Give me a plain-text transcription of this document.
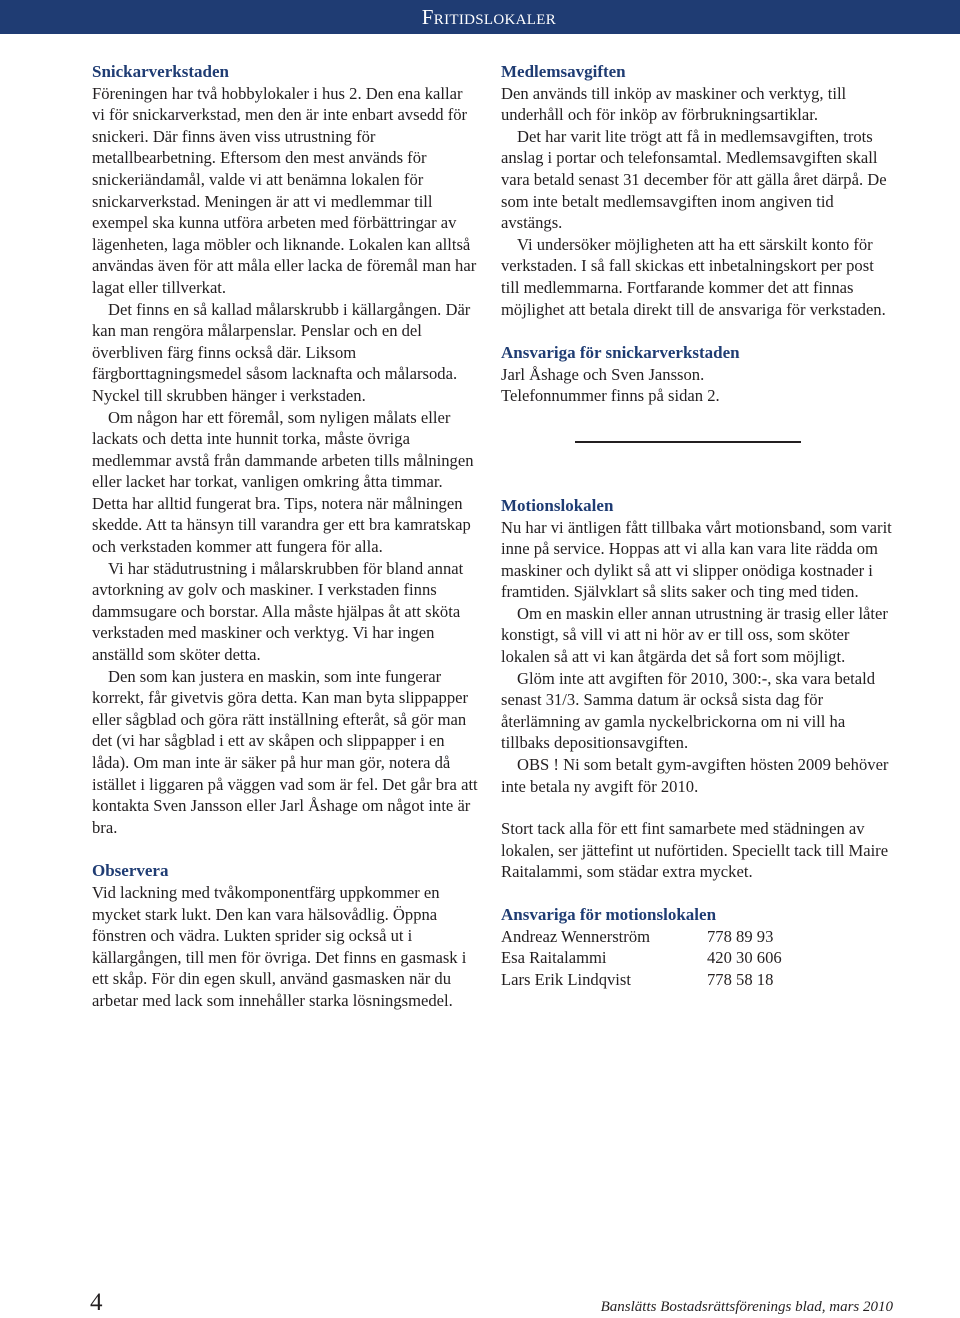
Fritidslokaler
Snickarverkstaden

Föreningen har två hobbylokaler i hus 2. Den ena kallar vi för snickarverkstad, men den är inte enbart avsedd för snickeri. Där finns även viss utrustning för metallbearbetning. Eftersom den mest används för snickeriändamål, valde vi att benämna lokalen för snickarverkstad. Meningen är att vi medlemmar till exempel ska kunna utföra arbeten med förbättringar av lägenheten, laga möbler och liknande. Lokalen kan alltså användas även för att måla eller lacka de föremål man har lagat eller tillverkat.

Det finns en så kallad målarskrubb i källargången. Där kan man rengöra målarpenslar. Penslar och en del överbliven färg finns också där. Liksom färgborttagningsmedel såsom lacknafta och målarsoda. Nyckel till skrubben hänger i verkstaden.

Om någon har ett föremål, som nyligen målats eller lackats och detta inte hunnit torka, måste övriga medlemmar avstå från dammande arbeten tills målningen eller lacket har torkat, vanligen omkring åtta timmar. Detta har alltid fungerat bra. Tips, notera när målningen skedde. Att ta hänsyn till varandra ger ett bra kamratskap och verkstaden kommer att fungera för alla.

Vi har städutrustning i målarskrubben för bland annat avtorkning av golv och maskiner. I verkstaden finns dammsugare och borstar. Alla måste hjälpas åt att sköta verkstaden med maskiner och verktyg. Vi har ingen anställd som sköter detta.

Den som kan justera en maskin, som inte fungerar korrekt, får givetvis göra detta. Kan man byta slippapper eller sågblad och göra rätt inställning efteråt, så gör man det (vi har sågblad i ett av skåpen och slippapper i en låda). Om man inte är säker på hur man gör, notera då istället i liggaren på väggen vad som är fel. Det går bra att kontakta Sven Jansson eller Jarl Åshage om något inte är bra.

Observera

Vid lackning med tvåkomponentfärg uppkommer en mycket stark lukt. Den kan vara hälsovådlig. Öppna fönstren och vädra. Lukten sprider sig också ut i källargången, till men för övriga. Det finns en gasmask i ett skåp. För din egen skull, använd gasmasken när du arbetar med lack som innehåller starka lösningsmedel.

Medlemsavgiften

Den används till inköp av maskiner och verktyg, till underhåll och för inköp av förbrukningsartiklar.

Det har varit lite trögt att få in medlemsavgiften, trots anslag i portar och telefonsamtal. Medlemsavgiften skall vara betald senast 31 december för att gälla året därpå. De som inte betalt medlemsavgiften inom angiven tid avstängs.

Vi undersöker möjligheten att ha ett särskilt konto för verkstaden. I så fall skickas ett inbetalningskort per post till medlemmarna. Fortfarande kommer det att finnas möjlighet att betala direkt till de ansvariga för verkstaden.

Ansvariga för snickarverkstaden

Jarl Åshage och Sven Jansson.

Telefonnummer finns på sidan 2.

Motionslokalen

Nu har vi äntligen fått tillbaka vårt motionsband, som varit inne på service. Hoppas att vi alla kan vara lite rädda om maskiner och dylikt så att vi slipper onödiga kostnader i framtiden. Självklart så slits saker och ting med tiden.

Om en maskin eller annan utrustning är trasig eller låter konstigt, så vill vi att ni hör av er till oss, som sköter lokalen så att vi kan åtgärda det så fort som möjligt.

Glöm inte att avgiften för 2010, 300:-, ska vara betald senast 31/3. Samma datum är också sista dag för återlämning av gamla nyckelbrickorna om ni vill ha tillbaks depositionsavgiften.

OBS ! Ni som betalt gym-avgiften hösten 2009 behöver inte betala ny avgift för 2010.

Stort tack alla för ett fint samarbete med städningen av lokalen, ser jättefint ut nuförtiden. Speciellt tack till Maire Raitalammi, som städar extra mycket.

Ansvariga för motionslokalen
Andreaz Wennerström	778 89 93
Esa Raitalammi	420 30 606
Lars Erik Lindqvist	778 58 18
4	Banslätts Bostadsrättsförenings blad, mars 2010
